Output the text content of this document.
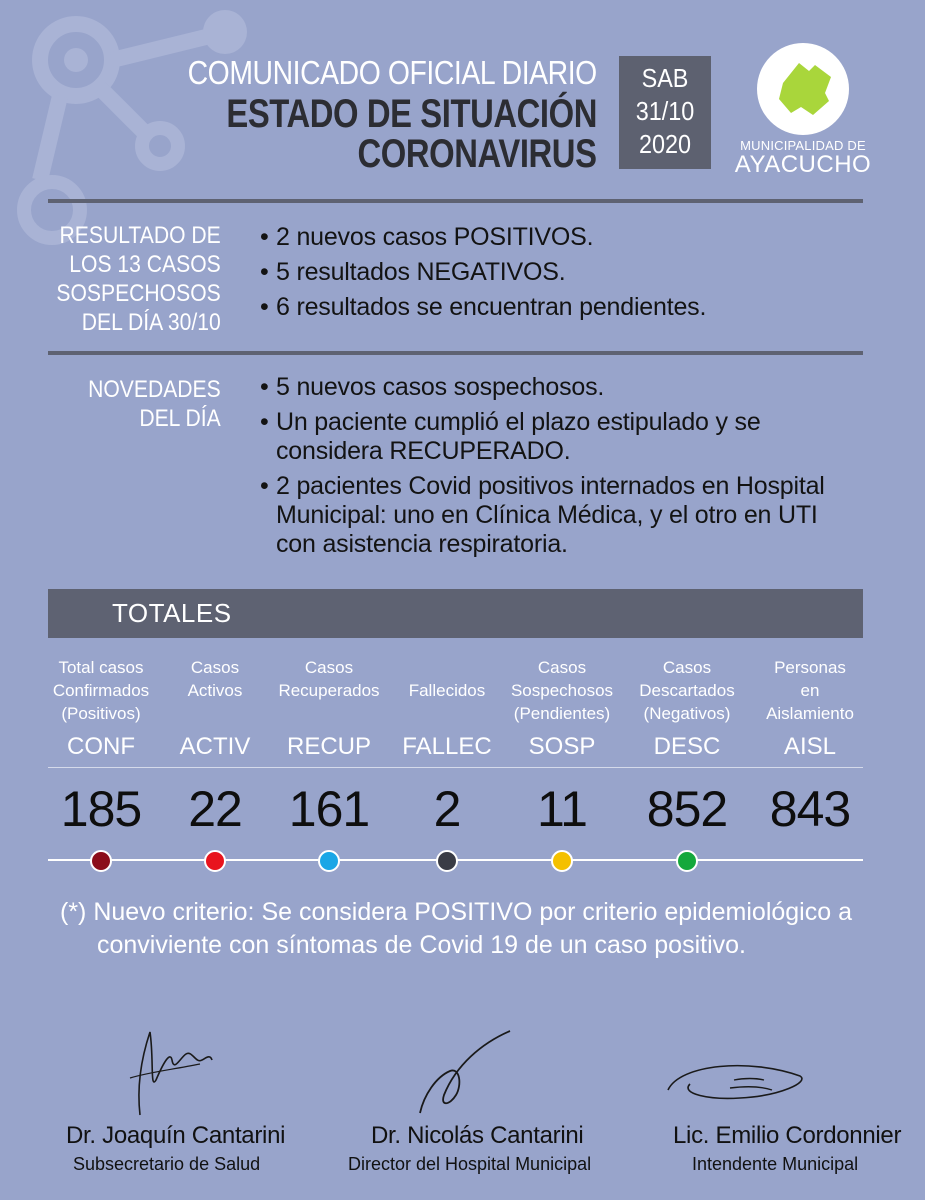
COMUNICADO OFICIAL DIARIO
ESTADO DE SITUACIÓN
CORONAVIRUS
SAB
31/10
2020	MUNICIPALIDAD DE
AYACUCHO
RESULTADO DE
LOS 13 CASOS
SOSPECHOSOS
DEL DÍA 30/10
• 2 nuevos casos POSITIVOS.
• 5 resultados NEGATIVOS.
• 6 resultados se encuentran pendientes.
NOVEDADES
DEL DÍA
• 5 nuevos casos sospechosos.
• Un paciente cumplió el plazo estipulado y se considera RECUPERADO.
• 2 pacientes Covid positivos internados en Hospital Municipal: uno en Clínica Médica, y el otro en UTI con asistencia respiratoria.
TOTALES
Total casos
Confirmados
(Positivos)
CONF
185
Casos
Activos
ACTIV
22
Casos
Recuperados
RECUP
161
Fallecidos
FALLEC
2
Casos
Sospechosos
(Pendientes)
SOSP
11
Casos
Descartados
(Negativos)
DESC
852
Personas
en
Aislamiento
AISL
843
(*) Nuevo criterio: Se considera POSITIVO por criterio epidemiológico a
conviviente con síntomas de Covid 19 de un caso positivo.
Dr. Joaquín Cantarini
Subsecretario de Salud
Dr. Nicolás Cantarini
Director del Hospital Municipal
Lic. Emilio Cordonnier
Intendente Municipal
